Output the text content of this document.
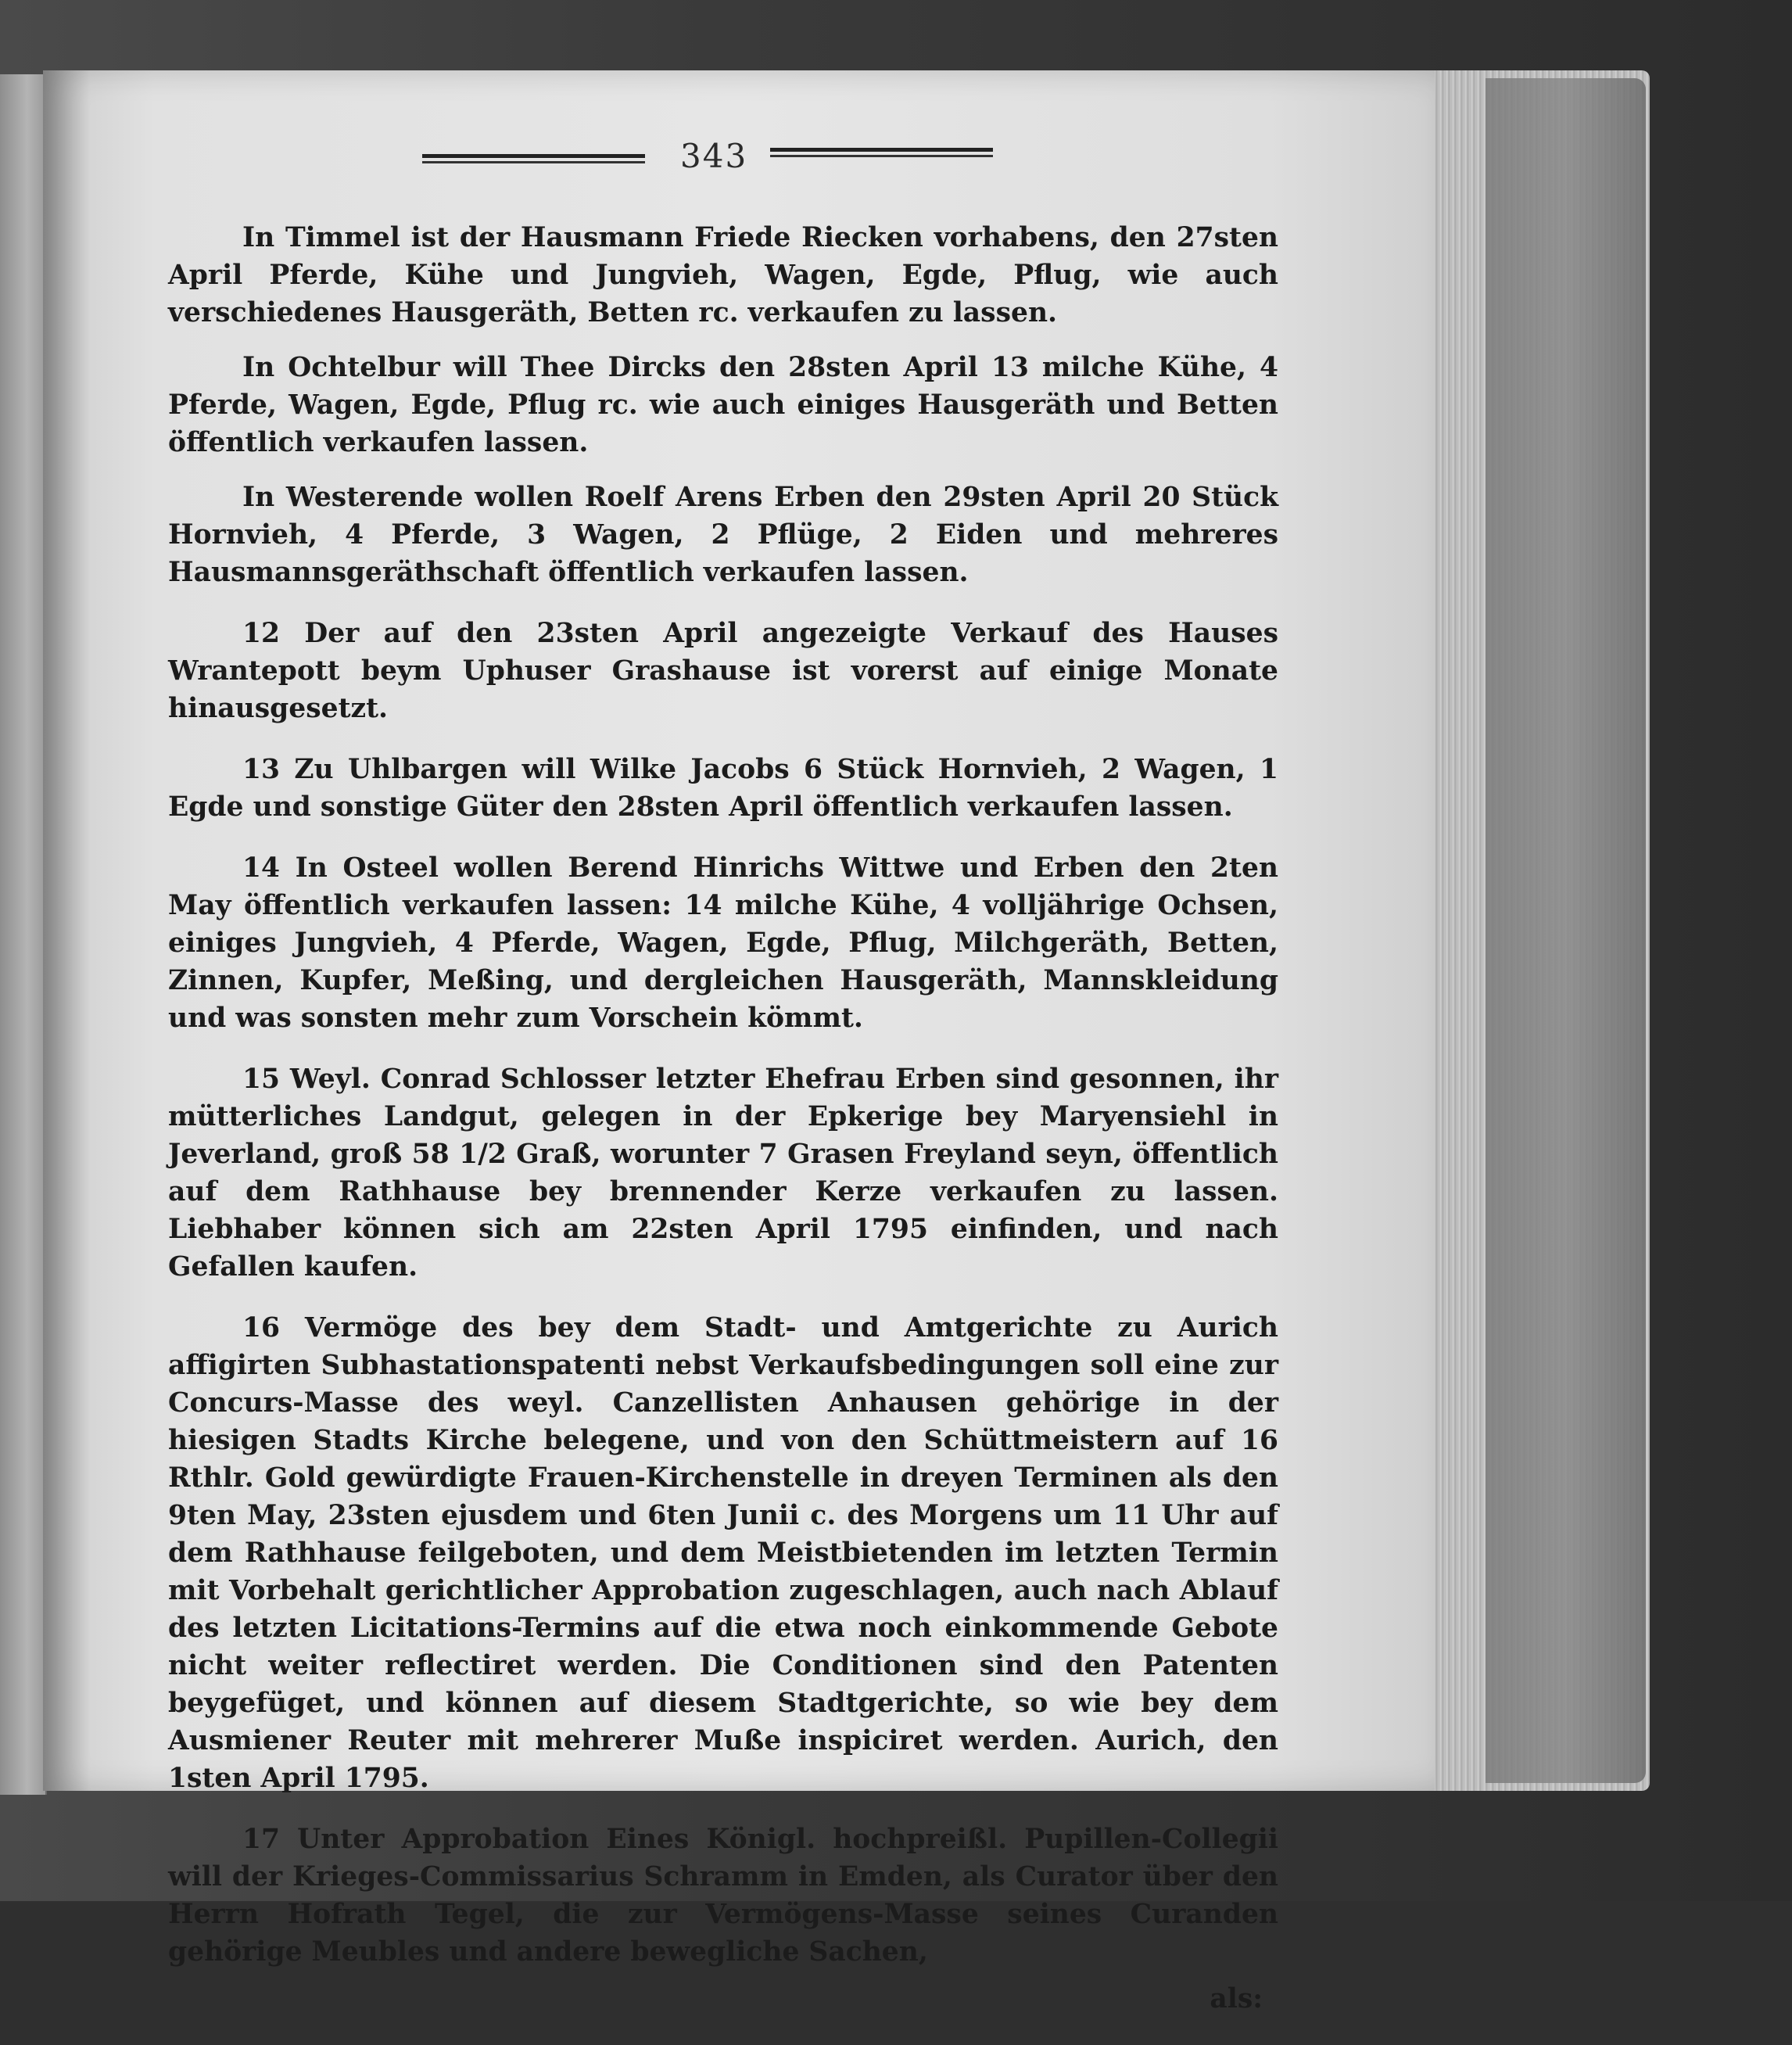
343

In Timmel ist der Hausmann Friede Riecken vorhabens, den 27sten April Pferde, Kühe und Jungvieh, Wagen, Egde, Pflug, wie auch verschiedenes Hausgeräth, Betten rc. verkaufen zu lassen.

In Ochtelbur will Thee Dircks den 28sten April 13 milche Kühe, 4 Pferde, Wagen, Egde, Pflug rc. wie auch einiges Hausgeräth und Betten öffentlich verkaufen lassen.

In Westerende wollen Roelf Arens Erben den 29sten April 20 Stück Hornvieh, 4 Pferde, 3 Wagen, 2 Pflüge, 2 Eiden und mehreres Hausmannsgeräthschaft öffentlich verkaufen lassen.

12 Der auf den 23sten April angezeigte Verkauf des Hauses Wrantepott beym Uphuser Grashause ist vorerst auf einige Monate hinausgesetzt.

13 Zu Uhlbargen will Wilke Jacobs 6 Stück Hornvieh, 2 Wagen, 1 Egde und sonstige Güter den 28sten April öffentlich verkaufen lassen.

14 In Osteel wollen Berend Hinrichs Wittwe und Erben den 2ten May öffentlich verkaufen lassen: 14 milche Kühe, 4 volljährige Ochsen, einiges Jungvieh, 4 Pferde, Wagen, Egde, Pflug, Milchgeräth, Betten, Zinnen, Kupfer, Meßing, und dergleichen Hausgeräth, Mannskleidung und was sonsten mehr zum Vorschein kömmt.

15 Weyl. Conrad Schlosser letzter Ehefrau Erben sind gesonnen, ihr mütterliches Landgut, gelegen in der Epkerige bey Maryensiehl in Jeverland, groß 58 1/2 Graß, worunter 7 Grasen Freyland seyn, öffentlich auf dem Rathhause bey brennender Kerze verkaufen zu lassen. Liebhaber können sich am 22sten April 1795 einfinden, und nach Gefallen kaufen.

16 Vermöge des bey dem Stadt- und Amtgerichte zu Aurich affigirten Subhastationspatenti nebst Verkaufsbedingungen soll eine zur Concurs-Masse des weyl. Canzellisten Anhausen gehörige in der hiesigen Stadts Kirche belegene, und von den Schüttmeistern auf 16 Rthlr. Gold gewürdigte Frauen-Kirchenstelle in dreyen Terminen als den 9ten May, 23sten ejusdem und 6ten Junii c. des Morgens um 11 Uhr auf dem Rathhause feilgeboten, und dem Meistbietenden im letzten Termin mit Vorbehalt gerichtlicher Approbation zugeschlagen, auch nach Ablauf des letzten Licitations-Termins auf die etwa noch einkommende Gebote nicht weiter reflectiret werden. Die Conditionen sind den Patenten beygefüget, und können auf diesem Stadtgerichte, so wie bey dem Ausmiener Reuter mit mehrerer Muße inspiciret werden. Aurich, den 1sten April 1795.

17 Unter Approbation Eines Königl. hochpreißl. Pupillen-Collegii will der Krieges-Commissarius Schramm in Emden, als Curator über den Herrn Hofrath Tegel, die zur Vermögens-Masse seines Curanden gehörige Meubles und andere bewegliche Sachen,

als:
